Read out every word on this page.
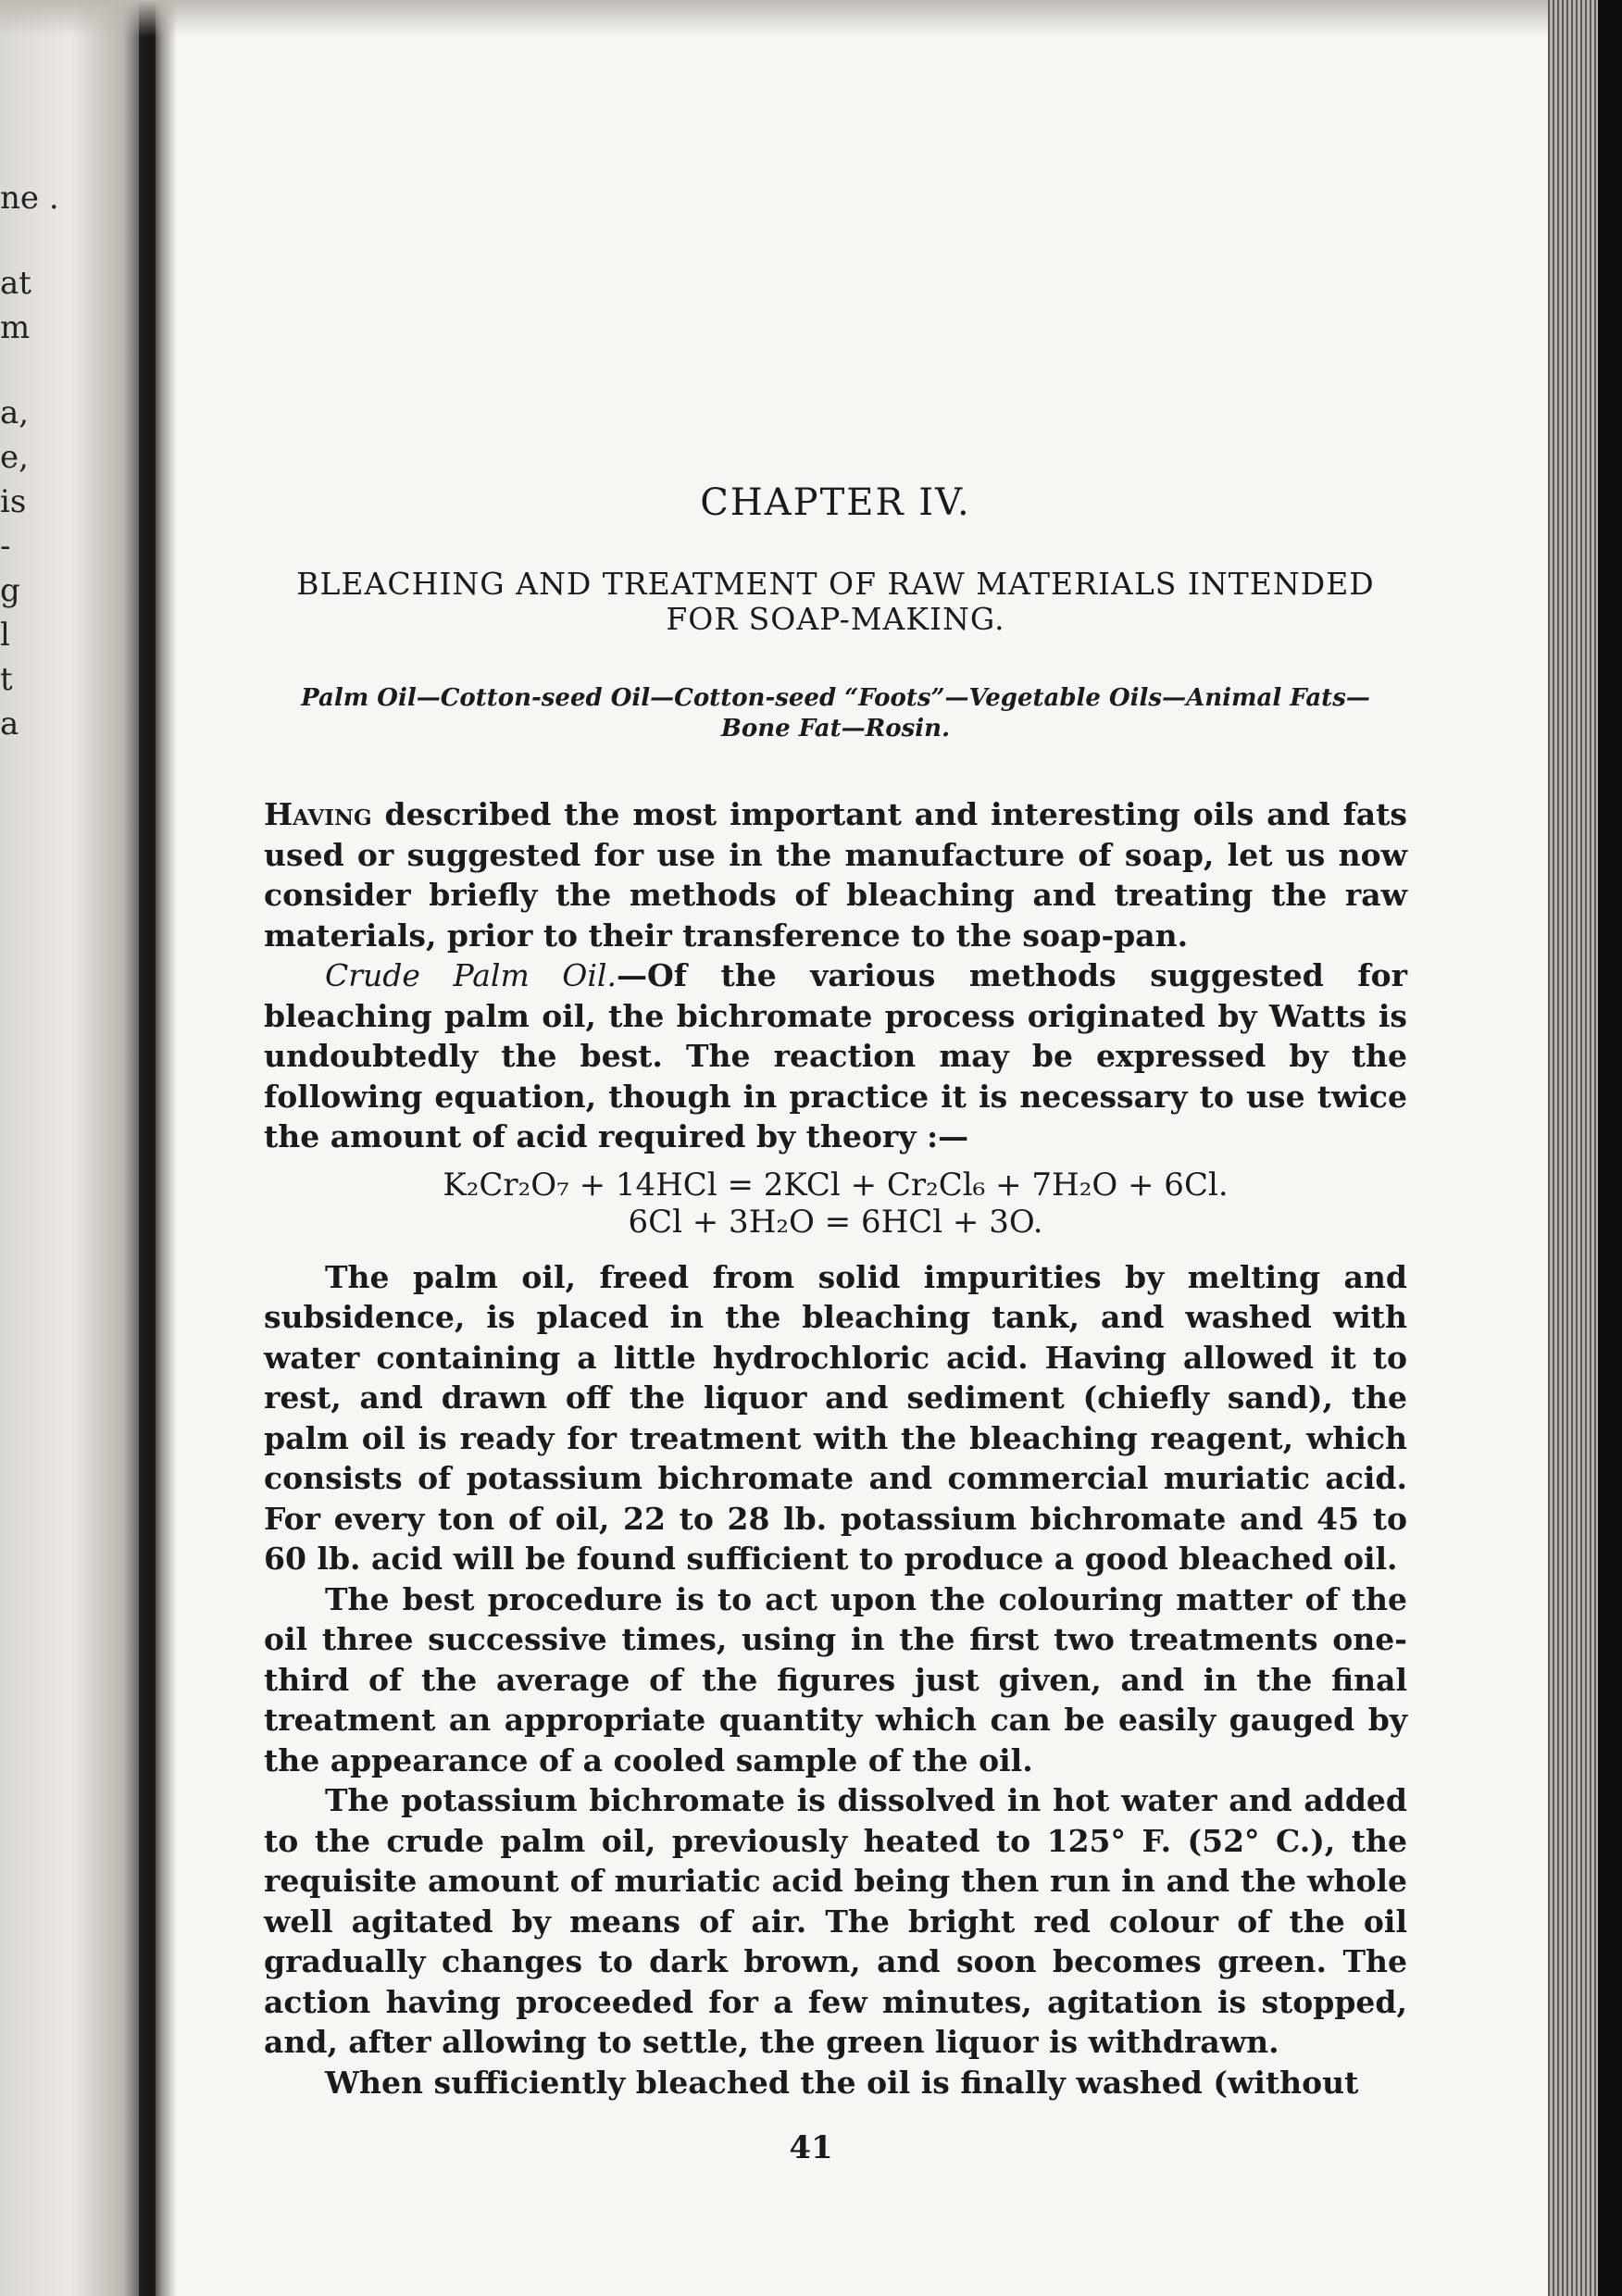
ne .
at
m
a,
e,
is
-
g
l
t
a
CHAPTER IV.
BLEACHING AND TREATMENT OF RAW MATERIALS INTENDED
FOR SOAP-MAKING.
Palm Oil—Cotton-seed Oil—Cotton-seed “Foots”—Vegetable Oils—Animal Fats—
Bone Fat—Rosin.

Having described the most important and interesting oils and fats used or suggested for use in the manufacture of soap, let us now consider briefly the methods of bleaching and treating the raw materials, prior to their transference to the soap-pan.

Crude Palm Oil.—Of the various methods suggested for bleaching palm oil, the bichromate process originated by Watts is undoubtedly the best. The reaction may be expressed by the following equation, though in practice it is necessary to use twice the amount of acid required by theory :—

K₂Cr₂O₇ + 14HCl = 2KCl + Cr₂Cl₆ + 7H₂O + 6Cl.
6Cl + 3H₂O = 6HCl + 3O.

The palm oil, freed from solid impurities by melting and subsidence, is placed in the bleaching tank, and washed with water containing a little hydrochloric acid. Having allowed it to rest, and drawn off the liquor and sediment (chiefly sand), the palm oil is ready for treatment with the bleaching reagent, which consists of potassium bichromate and commercial muriatic acid. For every ton of oil, 22 to 28 lb. potassium bichromate and 45 to 60 lb. acid will be found sufficient to produce a good bleached oil.

The best procedure is to act upon the colouring matter of the oil three successive times, using in the first two treatments one-third of the average of the figures just given, and in the final treatment an appropriate quantity which can be easily gauged by the appearance of a cooled sample of the oil.

The potassium bichromate is dissolved in hot water and added to the crude palm oil, previously heated to 125° F. (52° C.), the requisite amount of muriatic acid being then run in and the whole well agitated by means of air. The bright red colour of the oil gradually changes to dark brown, and soon becomes green. The action having proceeded for a few minutes, agitation is stopped, and, after allowing to settle, the green liquor is withdrawn.

When sufficiently bleached the oil is finally washed (without

41
